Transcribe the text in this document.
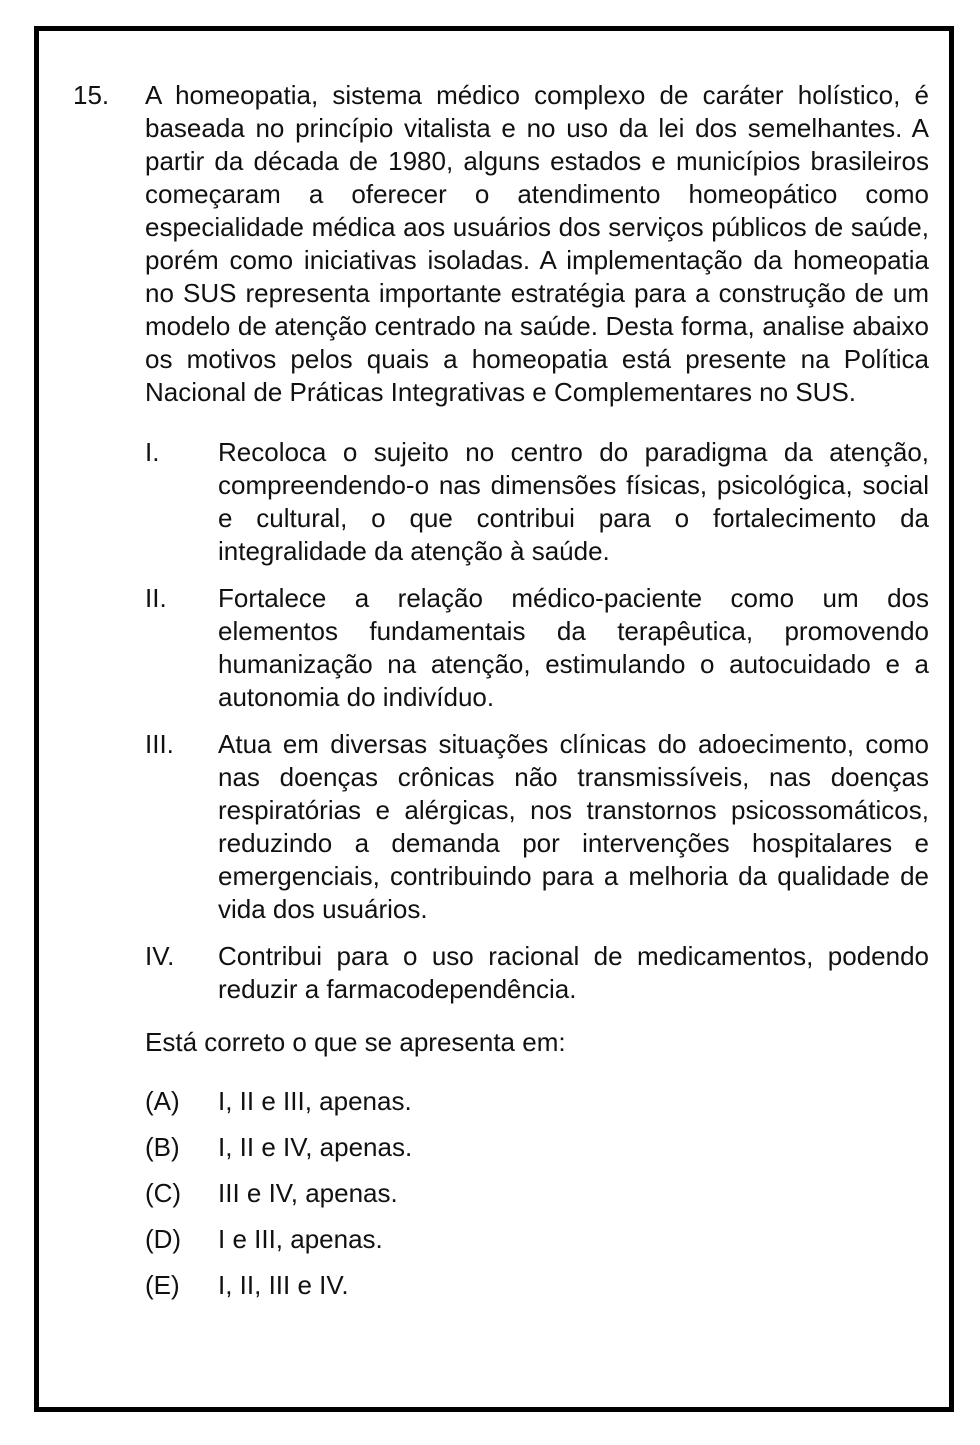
15.	A homeopatia, sistema médico complexo de caráter holístico, é baseada no princípio vitalista e no uso da lei dos semelhantes. A partir da década de 1980, alguns estados e municípios brasileiros começaram a oferecer o atendimento homeopático como especialidade médica aos usuários dos serviços públicos de saúde, porém como iniciativas isoladas. A implementação da homeopatia no SUS representa importante estratégia para a construção de um modelo de atenção centrado na saúde. Desta forma, analise abaixo os motivos pelos quais a homeopatia está presente na Política Nacional de Práticas Integrativas e Complementares no SUS.

I.	Recoloca o sujeito no centro do paradigma da atenção, compreendendo-o nas dimensões físicas, psicológica, social e cultural, o que contribui para o fortalecimento da integralidade da atenção à saúde.
II.	Fortalece a relação médico-paciente como um dos elementos fundamentais da terapêutica, promovendo humanização na atenção, estimulando o autocuidado e a autonomia do indivíduo.
III.	Atua em diversas situações clínicas do adoecimento, como nas doenças crônicas não transmissíveis, nas doenças respiratórias e alérgicas, nos transtornos psicossomáticos, reduzindo a demanda por intervenções hospitalares e emergenciais, contribuindo para a melhoria da qualidade de vida dos usuários.
IV.	Contribui para o uso racional de medicamentos, podendo reduzir a farmacodependência.
Está correto o que se apresenta em:
(A)	I, II e III, apenas.
(B)	I, II e IV, apenas.
(C)	III e IV, apenas.
(D)	I e III, apenas.
(E)	I, II, III e IV.
